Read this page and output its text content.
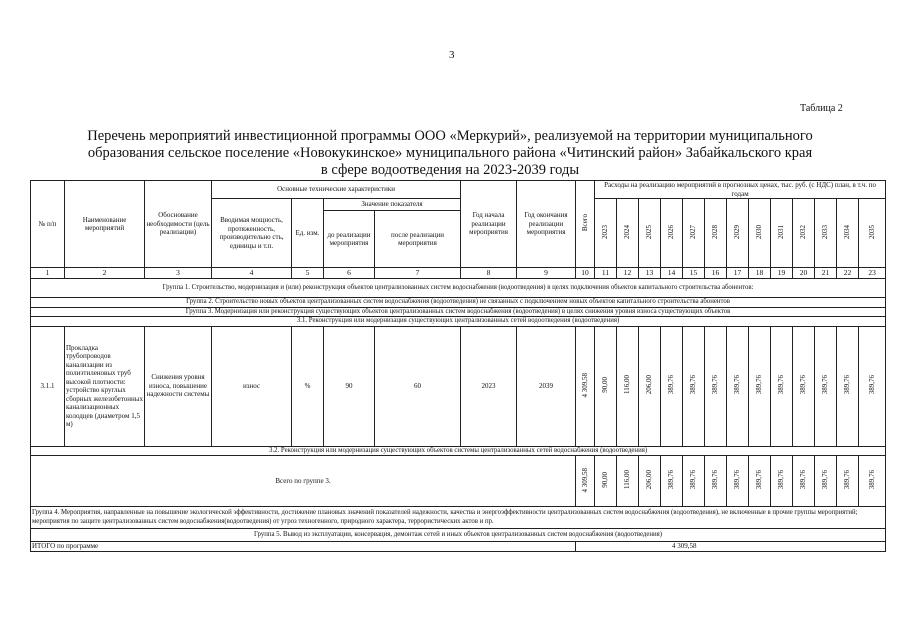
3
Таблица 2
Перечень мероприятий инвестиционной программы ООО «Меркурий», реализуемой на территории муниципального
образования сельское поселение «Новокукинское» муниципального района «Читинский район» Забайкальского края
в сфере водоотведения на 2023-2039 годы
№ п/п	Наименование мероприятий	Обоснование необходимости (цель реализации)	Основные технические характеристики				Год начала реализации мероприятия	Год окончания реализации мероприятия	Всего	Расходы на реализацию мероприятий в прогнозных ценах, тыс. руб. (с НДС) план, в т.ч. по годам												
			Вводимая мощность, протяженность, производительно сть, единицы и т.п.	Ед. изм.	Значение показателя					2023	2024	2025	2026	2027	2028	2029	2030	2031	2032	2033	2034	2035
					до реализации мероприятия	после реализации мероприятия																
1	2	3	4	5	6	7	8	9	10	11	12	13	14	15	16	17	18	19	20	21	22	23
Группа 1. Строительство, модернизация и (или) реконструкция объектов централизованных систем водоснабжения (водоотведения) в целях подключения объектов капитального строительства абонентов:																						
Группа 2. Строительство новых объектов централизованных систем водоснабжения (водоотведения) не связанных с подключением новых объектов капитального строительства абонентов																						
Группа 3. Модернизация или реконструкция существующих объектов централизованных систем водоснабжения (водоотведения) в целях снижения уровня износа существующих объектов																						
3.1. Реконструкция или модернизация существующих централизованных сетей водоотведения (водоотведения)																						
3.1.1	Прокладка трубопроводов канализации из полиэтиленовых труб высокой плотности: устройство круглых сборных железобетонных канализационных колодцев (диаметром 1,5 м)	Снижения уровня износа, повышение надежности системы	износ	%	90	60	2023	2039	4 309,58	90,00	116,00	206,00	389,76	389,76	389,76	389,76	389,76	389,76	389,76	389,76	389,76	389,76
3.2. Реконструкция или модернизация существующих объектов системы централизованных сетей водоснабжения (водоотведения)																						
Всего по группе 3.									4 309,58	90,00	116,00	206,00	389,76	389,76	389,76	389,76	389,76	389,76	389,76	389,76	389,76	389,76
Группа 4. Мероприятия, направленные на повышение экологической эффективности, достижение плановых значений показателей надежности, качества и энергоэффективности централизованных систем водоснабжения (водоотведения), не включенные в прочие группы мероприятий; мероприятия по защите централизованных систем водоснабжения(водоотведения) от угроз техногенного, природного характера, террористических актов и пр.																						
Группа 5. Вывод из эксплуатации, консервация, демонтаж сетей и иных объектов централизованных систем водоснабжения (водоотведения)																						
ИТОГО по программе									4 309,58													
